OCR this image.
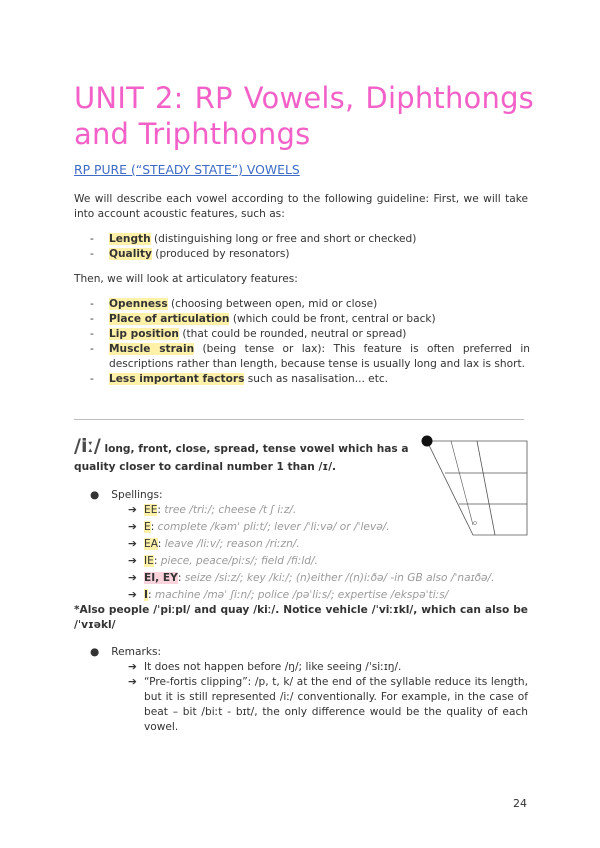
UNIT 2: RP Vowels, Diphthongs and Triphthongs
RP PURE (“STEADY STATE”) VOWELS
We will describe each vowel according to the following guideline: First, we will take into account acoustic features, such as:
- Length (distinguishing long or free and short or checked)
- Quality (produced by resonators)
Then, we will look at articulatory features:
- Openness (choosing between open, mid or close)
- Place of articulation (which could be front, central or back)
- Lip position (that could be rounded, neutral or spread)
- Muscle strain (being tense or lax): This feature is often preferred in descriptions rather than length, because tense is usually long and lax is short.
- Less important factors such as nasalisation... etc.
/iː/ long, front, close, spread, tense vowel which has a
quality closer to cardinal number 1 than /ɪ/.
● Spellings:
➔ EE: tree /triː/; cheese /t ʃ iːz/.
➔ E: complete /kəmˈ pliːt/; lever /ˈliːvə/ or /ˈlevə/.
➔ EA: leave /liːv/; reason /riːzn/.
➔ IE: piece, peace/piːs/; field /fiːld/.
➔ EI, EY: seize /siːz/; key /kiː/; (n)either /(n)iːðə/ -in GB also /ˈnaɪðə/.
➔ I: machine /məˈ ʃiːn/; police /pəˈliːs/; expertise /ekspəˈtiːs/
*Also people /ˈpiːpl/ and quay /kiː/. Notice vehicle /ˈviːɪkl/, which can also be /ˈvɪəkl/
● Remarks:
➔ It does not happen before /ŋ/; like seeing /ˈsiːɪŋ/.
➔ “Pre-fortis clipping”: /p, t, k/ at the end of the syllable reduce its length, but it is still represented /iː/ conventionally. For example, in the case of beat – bit /biːt - bɪt/, the only difference would be the quality of each vowel.
24
